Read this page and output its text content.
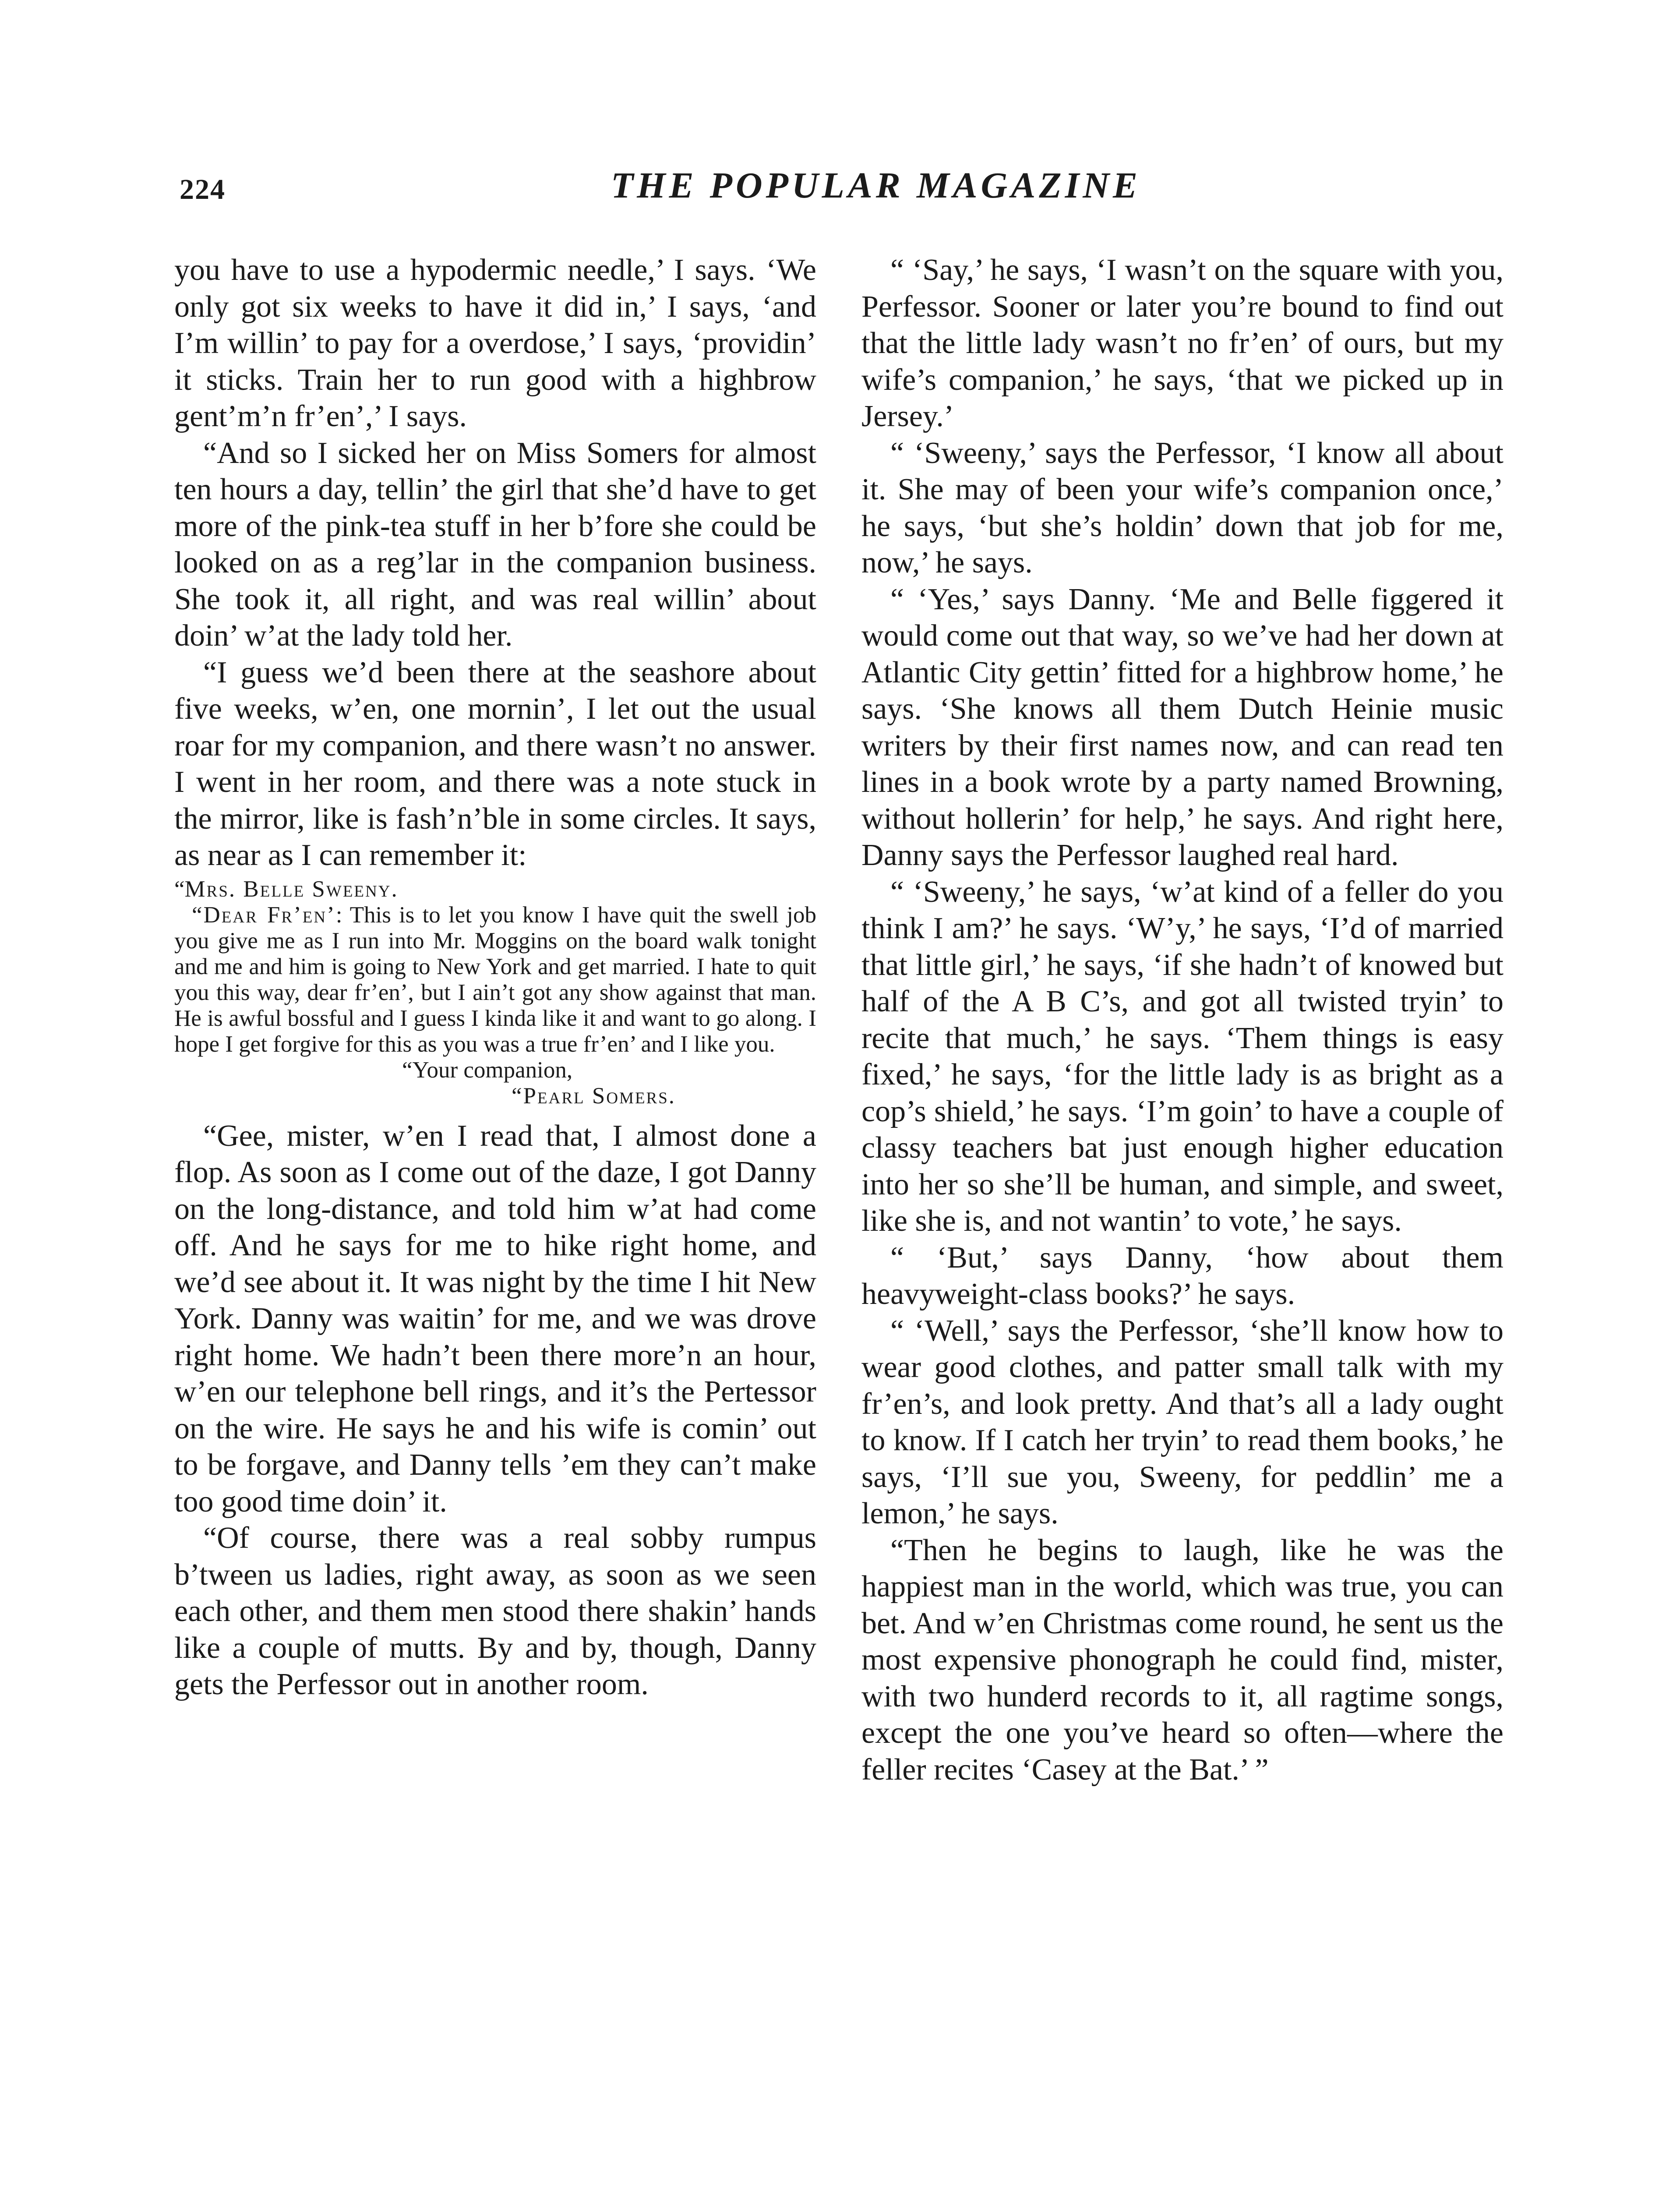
224	THE POPULAR MAGAZINE

you have to use a hypodermic needle,’ I says. ‘We only got six weeks to have it did in,’ I says, ‘and I’m willin’ to pay for a overdose,’ I says, ‘providin’ it sticks. Train her to run good with a highbrow gent’m’n fr’en’,’ I says.

“And so I sicked her on Miss Somers for almost ten hours a day, tellin’ the girl that she’d have to get more of the pink-tea stuff in her b’fore she could be looked on as a reg’lar in the companion business. She took it, all right, and was real willin’ about doin’ w’at the lady told her.

“I guess we’d been there at the seashore about five weeks, w’en, one mornin’, I let out the usual roar for my companion, and there wasn’t no answer. I went in her room, and there was a note stuck in the mirror, like is fash’n’ble in some circles. It says, as near as I can remember it:

“Mrs. Belle Sweeny.

“Dear Fr’en’: This is to let you know I have quit the swell job you give me as I run into Mr. Moggins on the board walk tonight and me and him is going to New York and get married. I hate to quit you this way, dear fr’en’, but I ain’t got any show against that man. He is awful bossful and I guess I kinda like it and want to go along. I hope I get forgive for this as you was a true fr’en’ and I like you.

“Your companion,

“Pearl Somers.

“Gee, mister, w’en I read that, I almost done a flop. As soon as I come out of the daze, I got Danny on the long-distance, and told him w’at had come off. And he says for me to hike right home, and we’d see about it. It was night by the time I hit New York. Danny was waitin’ for me, and we was drove right home. We hadn’t been there more’n an hour, w’en our telephone bell rings, and it’s the Pertessor on the wire. He says he and his wife is comin’ out to be forgave, and Danny tells ’em they can’t make too good time doin’ it.

“Of course, there was a real sobby rumpus b’tween us ladies, right away, as soon as we seen each other, and them men stood there shakin’ hands like a couple of mutts. By and by, though, Danny gets the Perfessor out in another room.

“ ‘Say,’ he says, ‘I wasn’t on the square with you, Perfessor. Sooner or later you’re bound to find out that the little lady wasn’t no fr’en’ of ours, but my wife’s companion,’ he says, ‘that we picked up in Jersey.’

“ ‘Sweeny,’ says the Perfessor, ‘I know all about it. She may of been your wife’s companion once,’ he says, ‘but she’s holdin’ down that job for me, now,’ he says.

“ ‘Yes,’ says Danny. ‘Me and Belle figgered it would come out that way, so we’ve had her down at Atlantic City gettin’ fitted for a highbrow home,’ he says. ‘She knows all them Dutch Heinie music writers by their first names now, and can read ten lines in a book wrote by a party named Browning, without hollerin’ for help,’ he says. And right here, Danny says the Perfessor laughed real hard.

“ ‘Sweeny,’ he says, ‘w’at kind of a feller do you think I am?’ he says. ‘W’y,’ he says, ‘I’d of married that little girl,’ he says, ‘if she hadn’t of knowed but half of the A B C’s, and got all twisted tryin’ to recite that much,’ he says. ‘Them things is easy fixed,’ he says, ‘for the little lady is as bright as a cop’s shield,’ he says. ‘I’m goin’ to have a couple of classy teachers bat just enough higher education into her so she’ll be human, and simple, and sweet, like she is, and not wantin’ to vote,’ he says.

“ ‘But,’ says Danny, ‘how about them heavyweight-class books?’ he says.

“ ‘Well,’ says the Perfessor, ‘she’ll know how to wear good clothes, and patter small talk with my fr’en’s, and look pretty. And that’s all a lady ought to know. If I catch her tryin’ to read them books,’ he says, ‘I’ll sue you, Sweeny, for peddlin’ me a lemon,’ he says.

“Then he begins to laugh, like he was the happiest man in the world, which was true, you can bet. And w’en Christmas come round, he sent us the most expensive phonograph he could find, mister, with two hunderd records to it, all ragtime songs, except the one you’ve heard so often—where the feller recites ‘Casey at the Bat.’ ”
